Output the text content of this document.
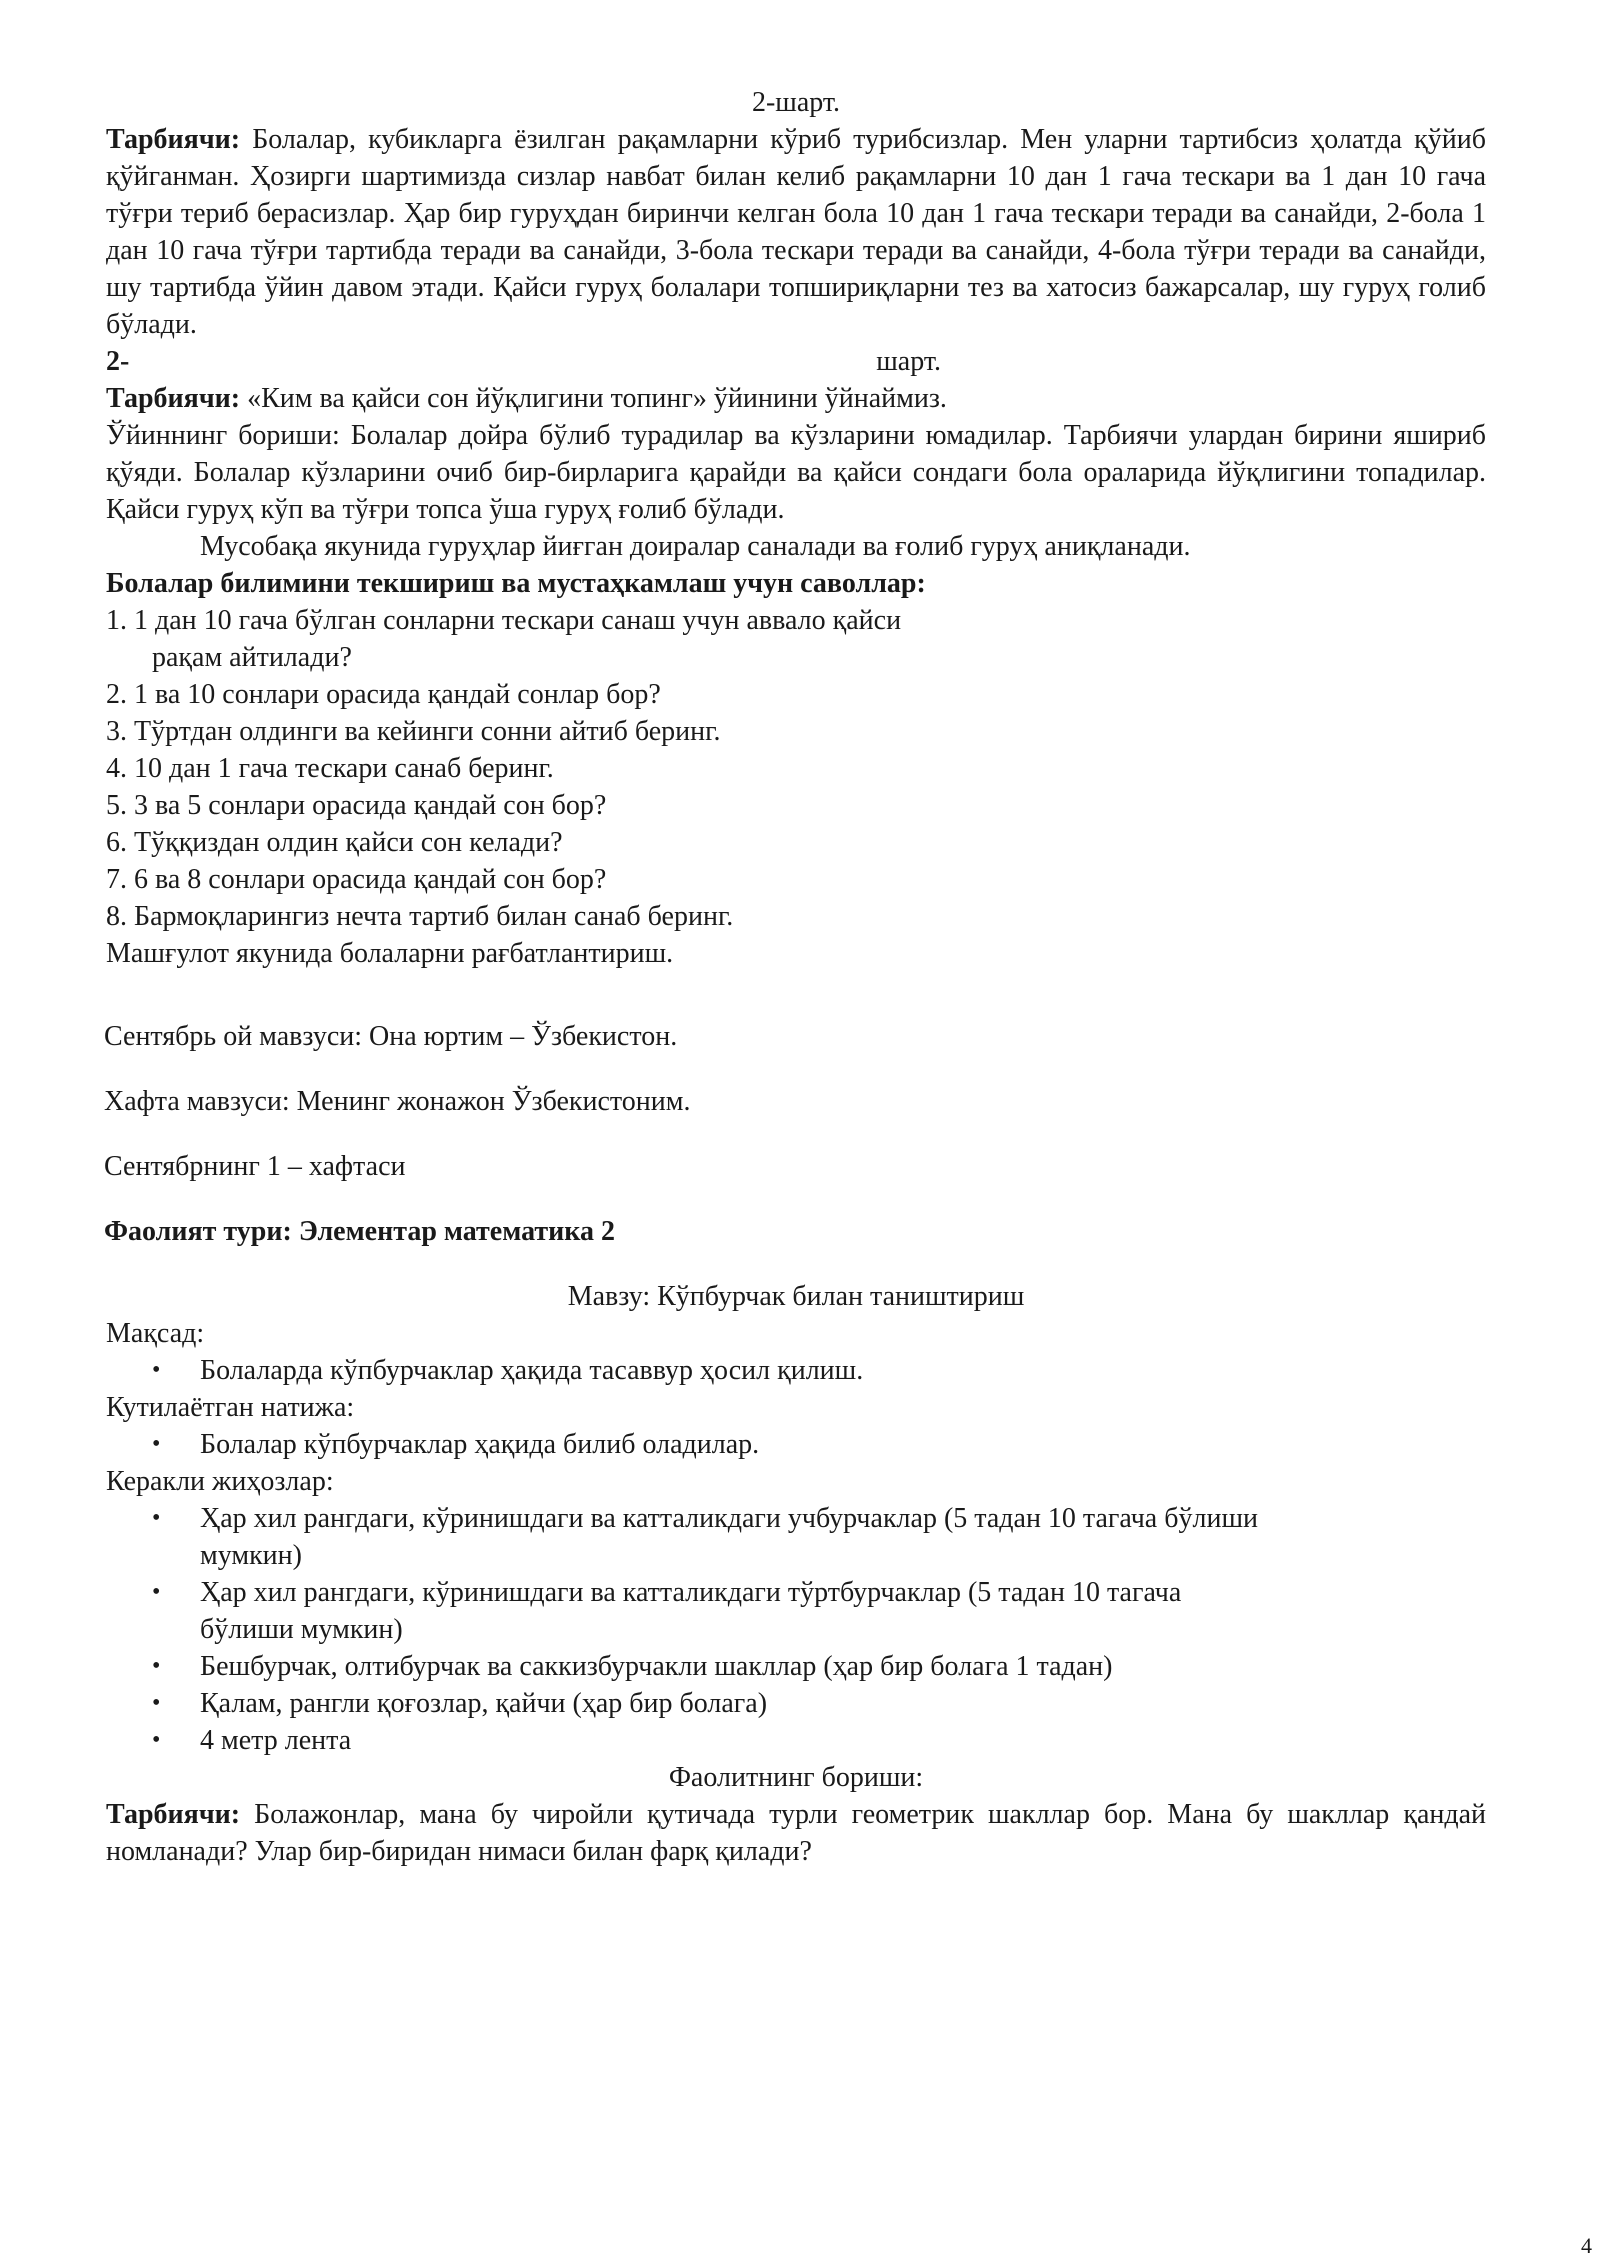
2-шарт.

Тарбиячи: Болалар, кубикларга ёзилган рақамларни кўриб турибсизлар. Мен уларни тартибсиз ҳолатда қўйиб қўйганман. Ҳозирги шартимизда сизлар навбат билан келиб рақамларни 10 дан 1 гача тескари ва 1 дан 10 гача тўғри териб берасизлар. Ҳар бир гуруҳдан биринчи келган бола 10 дан 1 гача тескари теради ва санайди, 2-бола 1 дан 10 гача тўғри тартибда теради ва санайди, 3-бола тескари теради ва санайди, 4-бола тўғри теради ва санайди, шу тартибда ўйин давом этади. Қайси гуруҳ болалари топшириқларни тез ва хатосиз бажарсалар, шу гуруҳ голиб бўлади.

2-	шарт.

Тарбиячи: «Ким ва қайси сон йўқлигини топинг» ўйинини ўйнаймиз.

Ўйиннинг бориши: Болалар дойра бўлиб турадилар ва кўзларини юмадилар. Тарбиячи улардан бирини яшириб қўяди. Болалар кўзларини очиб бир-бирларига қарайди ва қайси сондаги бола ораларида йўқлигини топадилар. Қайси гуруҳ кўп ва тўғри топса ўша гуруҳ ғолиб бўлади.

Мусобақа якунида гуруҳлар йиғган доиралар саналади ва ғолиб гуруҳ аниқланади.

Болалар билимини текшириш ва мустаҳкамлаш учун саволлар:

1. 1 дан 10 гача бўлган сонларни тескари санаш учун аввало қайси
рақам айтилади?
2. 1 ва 10 сонлари орасида қандай сонлар бор?
3. Тўртдан олдинги ва кейинги сонни айтиб беринг.
4. 10 дан 1 гача тескари санаб беринг.
5. 3 ва 5 сонлари орасида қандай сон бор?
6. Тўққиздан олдин қайси сон келади?
7. 6 ва 8 сонлари орасида қандай сон бор?
8. Бармоқларингиз нечта тартиб билан санаб беринг.

Машғулот якунида болаларни рағбатлантириш.

Сентябрь ой мавзуси: Она юртим – Ўзбекистон.

Хафта мавзуси: Менинг жонажон Ўзбекистоним.

Сентябрнинг 1 – хафтаси

Фаолият тури: Элементар математика 2

Мавзу: Кўпбурчак билан таништириш

Мақсад:

• Болаларда кўпбурчаклар ҳақида тасаввур ҳосил қилиш.

Кутилаётган натижа:

• Болалар кўпбурчаклар ҳақида билиб оладилар.

Керакли жиҳозлар:

• Ҳар хил рангдаги, кўринишдаги ва катталикдаги учбурчаклар (5 тадан 10 тагача бўлиши
мумкин)
• Ҳар хил рангдаги, кўринишдаги ва катталикдаги тўртбурчаклар (5 тадан 10 тагача
бўлиши мумкин)
• Бешбурчак, олтибурчак ва саккизбурчакли шакллар (ҳар бир болага 1 тадан)
• Қалам, рангли қоғозлар, қайчи (ҳар бир болага)
• 4 метр лента

Фаолитнинг бориши:

Тарбиячи: Болажонлар, мана бу чиройли қутичада турли геометрик шакллар бор. Мана бу шакллар қандай номланади? Улар бир-биридан нимаси билан фарқ қилади?

4
